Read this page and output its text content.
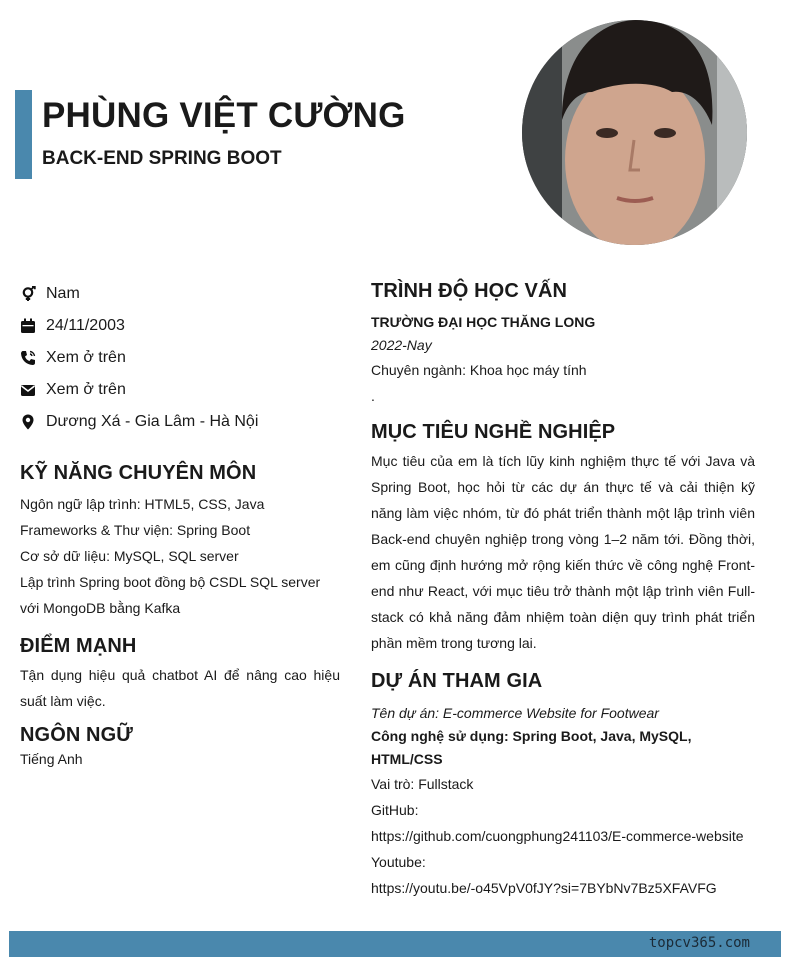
PHÙNG VIỆT CƯỜNG
BACK-END SPRING BOOT
Nam
24/11/2003
Xem ở trên
Xem ở trên
Dương Xá - Gia Lâm - Hà Nội
KỸ NĂNG CHUYÊN MÔN
Ngôn ngữ lập trình: HTML5, CSS, Java
Frameworks & Thư viện: Spring Boot
Cơ sở dữ liệu: MySQL, SQL server
Lập trình Spring boot đồng bộ CSDL SQL server với MongoDB bằng Kafka
ĐIỂM MẠNH
Tận dụng hiệu quả chatbot AI để nâng cao hiệu suất làm việc.
NGÔN NGỮ
Tiếng Anh
TRÌNH ĐỘ HỌC VẤN
TRƯỜNG ĐẠI HỌC THĂNG LONG
2022-Nay
Chuyên ngành: Khoa học máy tính
.
MỤC TIÊU NGHỀ NGHIỆP
Mục tiêu của em là tích lũy kinh nghiệm thực tế với Java và Spring Boot, học hỏi từ các dự án thực tế và cải thiện kỹ năng làm việc nhóm, từ đó phát triển thành một lập trình viên Back-end chuyên nghiệp trong vòng 1–2 năm tới. Đồng thời, em cũng định hướng mở rộng kiến thức về công nghệ Front-end như React, với mục tiêu trở thành một lập trình viên Full-stack có khả năng đảm nhiệm toàn diện quy trình phát triển phần mềm trong tương lai.
DỰ ÁN THAM GIA
Tên dự án: E-commerce Website for Footwear
Công nghệ sử dụng: Spring Boot, Java, MySQL, HTML/CSS
Vai trò: Fullstack
GitHub:
https://github.com/cuongphung241103/E-commerce-website
Youtube:
https://youtu.be/-o45VpV0fJY?si=7BYbNv7Bz5XFAVFG
topcv365.com
